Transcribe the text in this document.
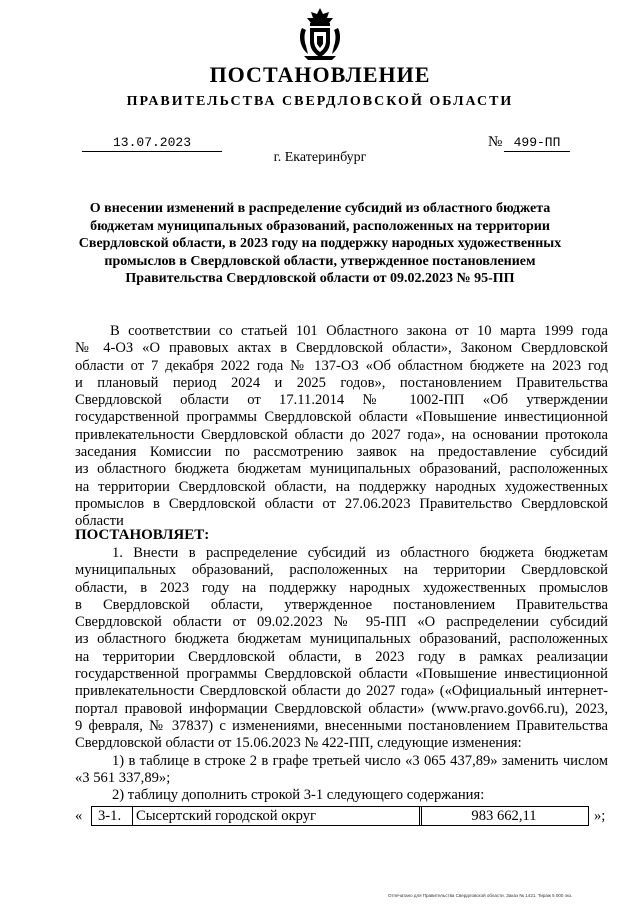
ПОСТАНОВЛЕНИЕ
ПРАВИТЕЛЬСТВА СВЕРДЛОВСКОЙ ОБЛАСТИ
13.07.2023	№ 499-ПП
г. Екатеринбург
О внесении изменений в распределение субсидий из областного бюджета
бюджетам муниципальных образований, расположенных на территории
Свердловской области, в 2023 году на поддержку народных художественных
промыслов в Свердловской области, утвержденное постановлением
Правительства Свердловской области от 09.02.2023 № 95-ПП
В соответствии со статьей 101 Областного закона от 10 марта 1999 года
№ 4-ОЗ «О правовых актах в Свердловской области», Законом Свердловской
области от 7 декабря 2022 года № 137-ОЗ «Об областном бюджете на 2023 год
и плановый период 2024 и 2025 годов», постановлением Правительства
Свердловской области от 17.11.2014 № 1002-ПП «Об утверждении
государственной программы Свердловской области «Повышение инвестиционной
привлекательности Свердловской области до 2027 года», на основании протокола
заседания Комиссии по рассмотрению заявок на предоставление субсидий
из областного бюджета бюджетам муниципальных образований, расположенных
на территории Свердловской области, на поддержку народных художественных
промыслов в Свердловской области от 27.06.2023 Правительство Свердловской
области
ПОСТАНОВЛЯЕТ:
1. Внести в распределение субсидий из областного бюджета бюджетам
муниципальных образований, расположенных на территории Свердловской
области, в 2023 году на поддержку народных художественных промыслов
в Свердловской области, утвержденное постановлением Правительства
Свердловской области от 09.02.2023 № 95-ПП «О распределении субсидий
из областного бюджета бюджетам муниципальных образований, расположенных
на территории Свердловской области, в 2023 году в рамках реализации
государственной программы Свердловской области «Повышение инвестиционной
привлекательности Свердловской области до 2027 года» («Официальный интернет-
портал правовой информации Свердловской области» (www.pravo.gov66.ru), 2023,
9 февраля, № 37837) с изменениями, внесенными постановлением Правительства
Свердловской области от 15.06.2023 № 422-ПП, следующие изменения:
1) в таблице в строке 2 в графе третьей число «3 065 437,89» заменить числом
«3 561 337,89»;
2) таблицу дополнить строкой 3-1 следующего содержания:
«	3-1.	Сысертский городской округ	983 662,11	»;
Отпечатано для Правительства Свердловской области. Заказ № 1421. Тираж 5 000 экз.
